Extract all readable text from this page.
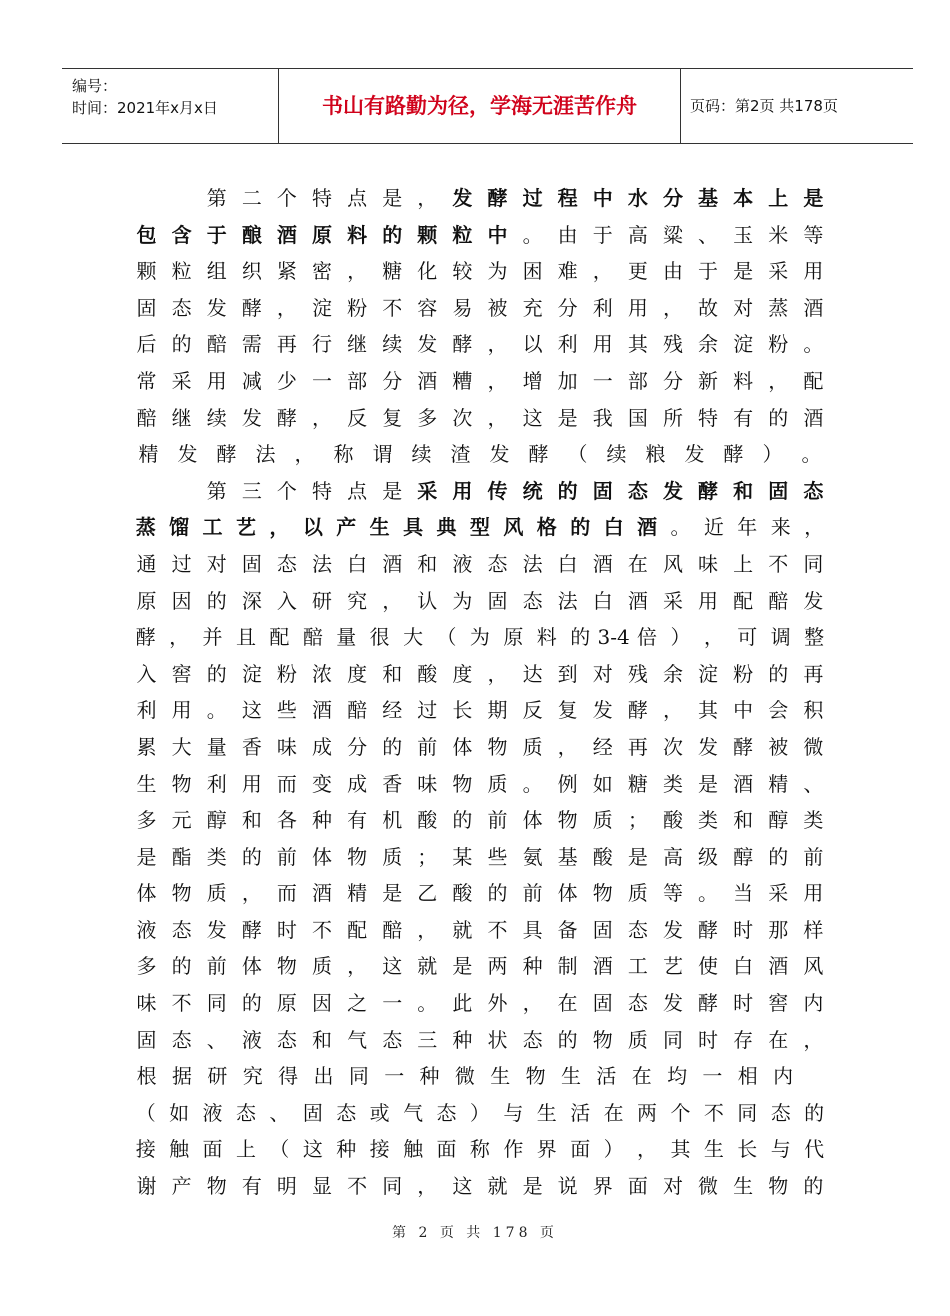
编号：
时间：2021年x月x日	书山有路勤为径，学海无涯苦作舟	页码：第2页 共178页
第 二 个 特 点 是 ， 发 酵 过 程 中 水 分 基 本 上 是
包 含 于 酿 酒 原 料 的 颗 粒 中 。 由 于 高 粱 、 玉 米 等
颗 粒 组 织 紧 密 ， 糖 化 较 为 困 难 ， 更 由 于 是 采 用
固 态 发 酵 ， 淀 粉 不 容 易 被 充 分 利 用 ， 故 对 蒸 酒
后 的 醅 需 再 行 继 续 发 酵 ， 以 利 用 其 残 余 淀 粉 。
常 采 用 减 少 一 部 分 酒 糟 ， 增 加 一 部 分 新 料 ， 配
醅 继 续 发 酵 ， 反 复 多 次 ， 这 是 我 国 所 特 有 的 酒
精 发 酵 法 ， 称 谓 续 渣 发 酵 （ 续 粮 发 酵 ） 。
第 三 个 特 点 是 采 用 传 统 的 固 态 发 酵 和 固 态
蒸 馏 工 艺 ， 以 产 生 具 典 型 风 格 的 白 酒 。 近 年 来 ，
通 过 对 固 态 法 白 酒 和 液 态 法 白 酒 在 风 味 上 不 同
原 因 的 深 入 研 究 ， 认 为 固 态 法 白 酒 采 用 配 醅 发
酵 ， 并 且 配 醅 量 很 大 （ 为 原 料 的 3-4 倍 ） ， 可 调 整
入 窖 的 淀 粉 浓 度 和 酸 度 ， 达 到 对 残 余 淀 粉 的 再
利 用 。 这 些 酒 醅 经 过 长 期 反 复 发 酵 ， 其 中 会 积
累 大 量 香 味 成 分 的 前 体 物 质 ， 经 再 次 发 酵 被 微
生 物 利 用 而 变 成 香 味 物 质 。 例 如 糖 类 是 酒 精 、
多 元 醇 和 各 种 有 机 酸 的 前 体 物 质 ； 酸 类 和 醇 类
是 酯 类 的 前 体 物 质 ； 某 些 氨 基 酸 是 高 级 醇 的 前
体 物 质 ， 而 酒 精 是 乙 酸 的 前 体 物 质 等 。 当 采 用
液 态 发 酵 时 不 配 醅 ， 就 不 具 备 固 态 发 酵 时 那 样
多 的 前 体 物 质 ， 这 就 是 两 种 制 酒 工 艺 使 白 酒 风
味 不 同 的 原 因 之 一 。 此 外 ， 在 固 态 发 酵 时 窖 内
固 态 、 液 态 和 气 态 三 种 状 态 的 物 质 同 时 存 在 ，
根 据 研 究 得 出 同 一 种 微 生 物 生 活 在 均 一 相 内
（ 如 液 态 、 固 态 或 气 态 ） 与 生 活 在 两 个 不 同 态 的
接 触 面 上 （ 这 种 接 触 面 称 作 界 面 ） ， 其 生 长 与 代
谢 产 物 有 明 显 不 同 ， 这 就 是 说 界 面 对 微 生 物 的
第 2 页 共 178 页
